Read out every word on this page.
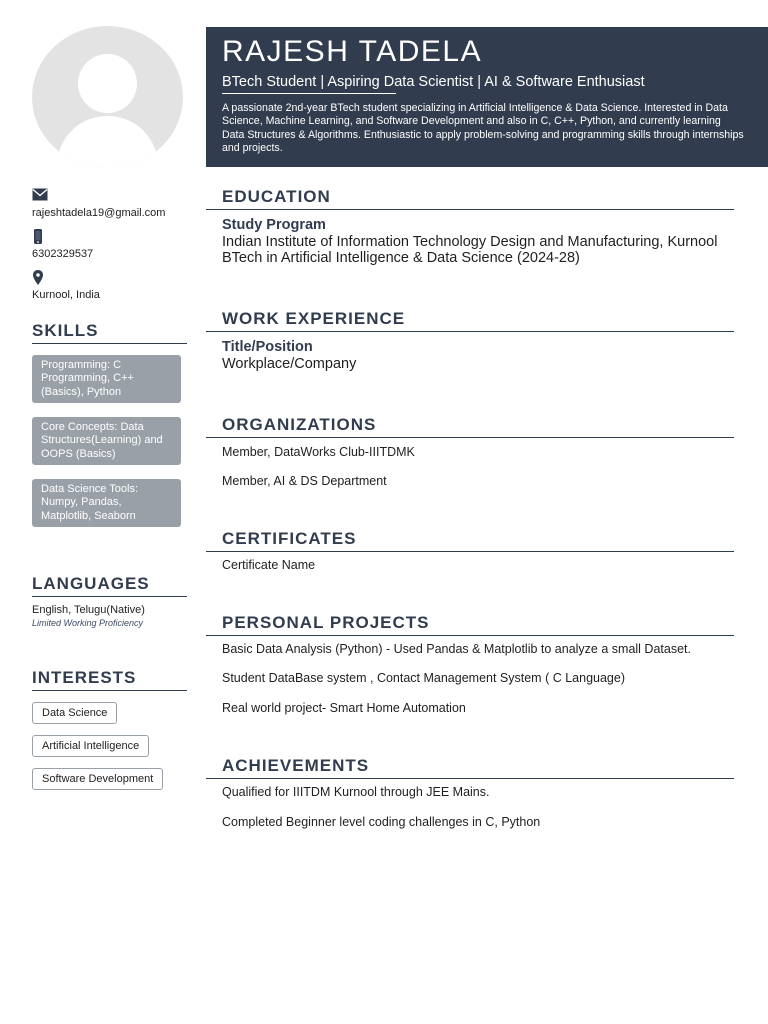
RAJESH TADELA
BTech Student | Aspiring Data Scientist | AI & Software Enthusiast
A passionate 2nd-year BTech student specializing in Artificial Intelligence & Data Science. Interested in Data Science, Machine Learning, and Software Development and also in C, C++, Python, and currently learning Data Structures & Algorithms. Enthusiastic to apply problem-solving and programming skills through internships and projects.
rajeshtadela19@gmail.com
6302329537
Kurnool, India
SKILLS
Programming: C Programming, C++ (Basics), Python
Core Concepts: Data Structures(Learning) and OOPS (Basics)
Data Science Tools: Numpy, Pandas, Matplotlib, Seaborn
LANGUAGES
English, Telugu(Native)
Limited Working Proficiency
INTERESTS
Data Science
Artificial Intelligence
Software Development
EDUCATION
Study Program
Indian Institute of Information Technology Design and Manufacturing, Kurnool BTech in Artificial Intelligence & Data Science (2024-28)
WORK EXPERIENCE
Title/Position
Workplace/Company
ORGANIZATIONS
Member, DataWorks Club-IIITDMK
Member, AI & DS Department
CERTIFICATES
Certificate Name
PERSONAL PROJECTS
Basic Data Analysis (Python) - Used Pandas & Matplotlib to analyze a small Dataset.
Student DataBase system , Contact Management System ( C Language)
Real world project- Smart Home Automation
ACHIEVEMENTS
Qualified for IIITDM Kurnool through JEE Mains.
Completed Beginner level coding challenges in C, Python
